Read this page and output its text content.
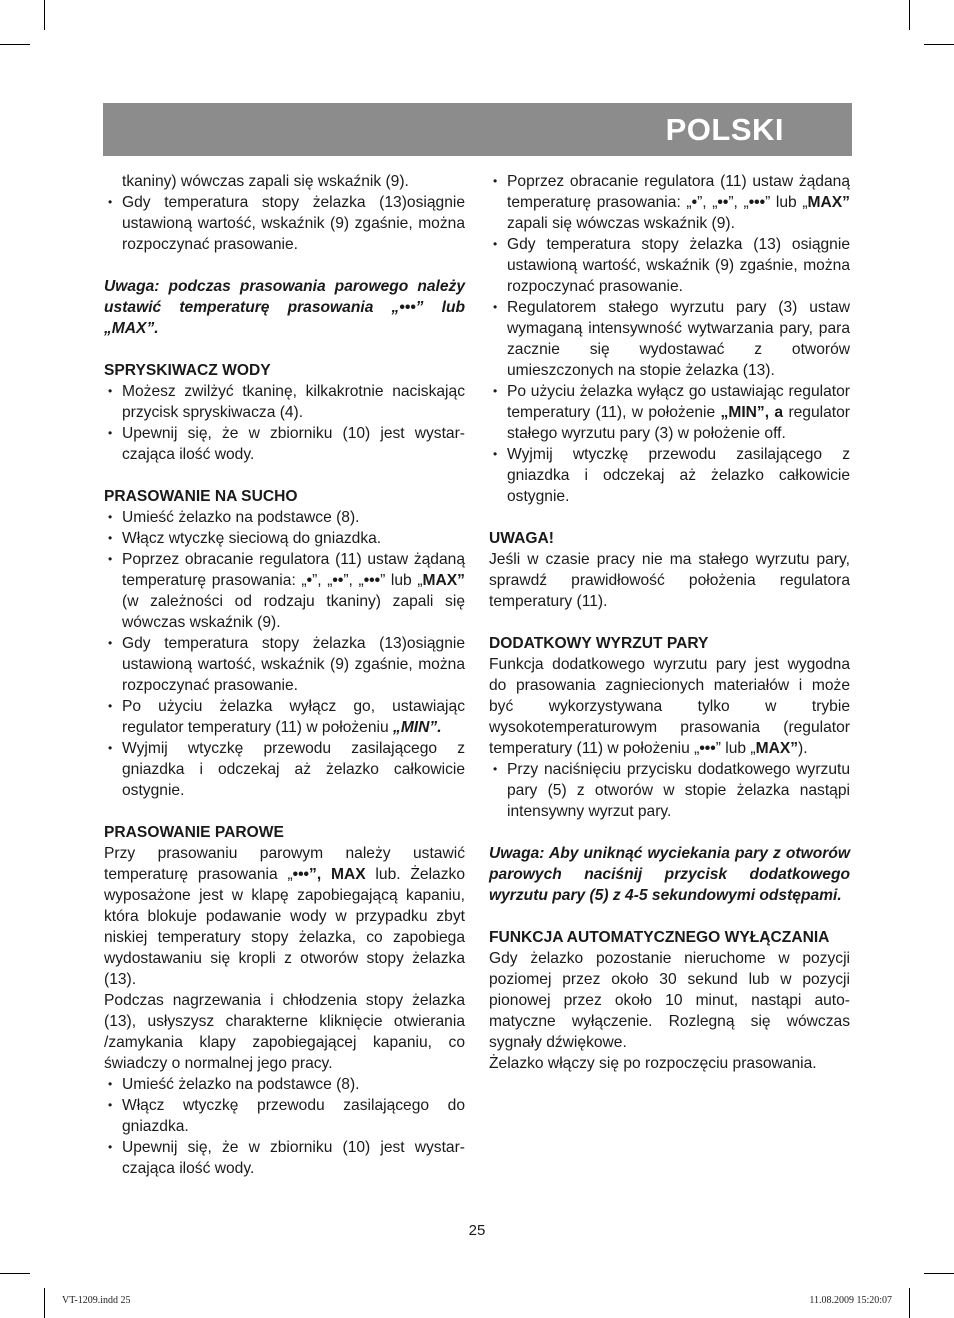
POLSKI

tkaniny) wówczas zapali się wskaźnik (9).

• Gdy temperatura stopy żelazka (13)osiągnie ustawioną wartość, wskaźnik (9) zgaśnie, można rozpoczynać prasowanie.

Uwaga: podczas prasowania parowego należy ustawić temperaturę prasowania „•••” lub „MAX”.

SPRYSKIWACZ WODY

• Możesz zwilżyć tkaninę, kilkakrotnie naciskając przycisk spryskiwacza (4).
• Upewnij się, że w zbiorniku (10) jest wystarczająca ilość wody.

PRASOWANIE NA SUCHO

• Umieść żelazko na podstawce (8).
• Włącz wtyczkę sieciową do gniazdka.
• Poprzez obracanie regulatora (11) ustaw żądaną temperaturę prasowania: „•”, „••”, „•••” lub „MAX” (w zależności od rodzaju tkaniny) zapali się wówczas wskaźnik (9).
• Gdy temperatura stopy żelazka (13)osiągnie ustawioną wartość, wskaźnik (9) zgaśnie, można rozpoczynać prasowanie.
• Po użyciu żelazka wyłącz go, ustawiając regulator temperatury (11) w położeniu „MIN”.
• Wyjmij wtyczkę przewodu zasilającego z gniazdka i odczekaj aż żelazko całkowicie ostygnie.

PRASOWANIE PAROWE

Przy prasowaniu parowym należy ustawić temperaturę prasowania „•••”, MAX lub. Żelazko wyposażone jest w klapę zapobiegającą kapaniu, która blokuje podawanie wody w przypadku zbyt niskiej temperatury stopy żelazka, co zapobiega wydostawaniu się kropli z otworów stopy żelazka (13).

Podczas nagrzewania i chłodzenia stopy żelazka (13), usłyszysz charakterne kliknięcie otwierania /zamykania klapy zapobiegającej kapaniu, co świadczy o normalnej jego pracy.

• Umieść żelazko na podstawce (8).
• Włącz wtyczkę przewodu zasilającego do gniazdka.
• Upewnij się, że w zbiorniku (10) jest wystarczająca ilość wody.
• Poprzez obracanie regulatora (11) ustaw żądaną temperaturę prasowania: „•”, „••”, „•••” lub „MAX” zapali się wówczas wskaźnik (9).
• Gdy temperatura stopy żelazka (13) osiągnie ustawioną wartość, wskaźnik (9) zgaśnie, można rozpoczynać prasowanie.
• Regulatorem stałego wyrzutu pary (3) ustaw wymaganą intensywność wytwarzania pary, para zacznie się wydostawać z otworów umieszczonych na stopie żelazka (13).
• Po użyciu żelazka wyłącz go ustawiając regulator temperatury (11), w położenie „MIN”, a regulator stałego wyrzutu pary (3) w położenie off.
• Wyjmij wtyczkę przewodu zasilającego z gniazdka i odczekaj aż żelazko całkowicie ostygnie.

UWAGA!

Jeśli w czasie pracy nie ma stałego wyrzutu pary, sprawdź prawidłowość położenia regulatora temperatury (11).

DODATKOWY WYRZUT PARY

Funkcja dodatkowego wyrzutu pary jest wygodna do prasowania zagniecionych materiałów i może być wykorzystywana tylko w trybie wysokotemperaturowym prasowania (regulator temperatury (11) w położeniu „•••” lub „MAX”).

• Przy naciśnięciu przycisku dodatkowego wyrzutu pary (5) z otworów w stopie żelazka nastąpi intensywny wyrzut pary.

Uwaga: Aby uniknąć wyciekania pary z otworów parowych naciśnij przycisk dodatkowego wyrzutu pary (5) z 4-5 sekundowymi odstępami.

FUNKCJA AUTOMATYCZNEGO WYŁĄCZANIA

Gdy żelazko pozostanie nieruchome w pozycji poziomej przez około 30 sekund lub w pozycji pionowej przez około 10 minut, nastąpi automatyczne wyłączenie. Rozlegną się wówczas sygnały dźwiękowe.

Żelazko włączy się po rozpoczęciu prasowania.

25
VT-1209.indd 25	11.08.2009 15:20:07
